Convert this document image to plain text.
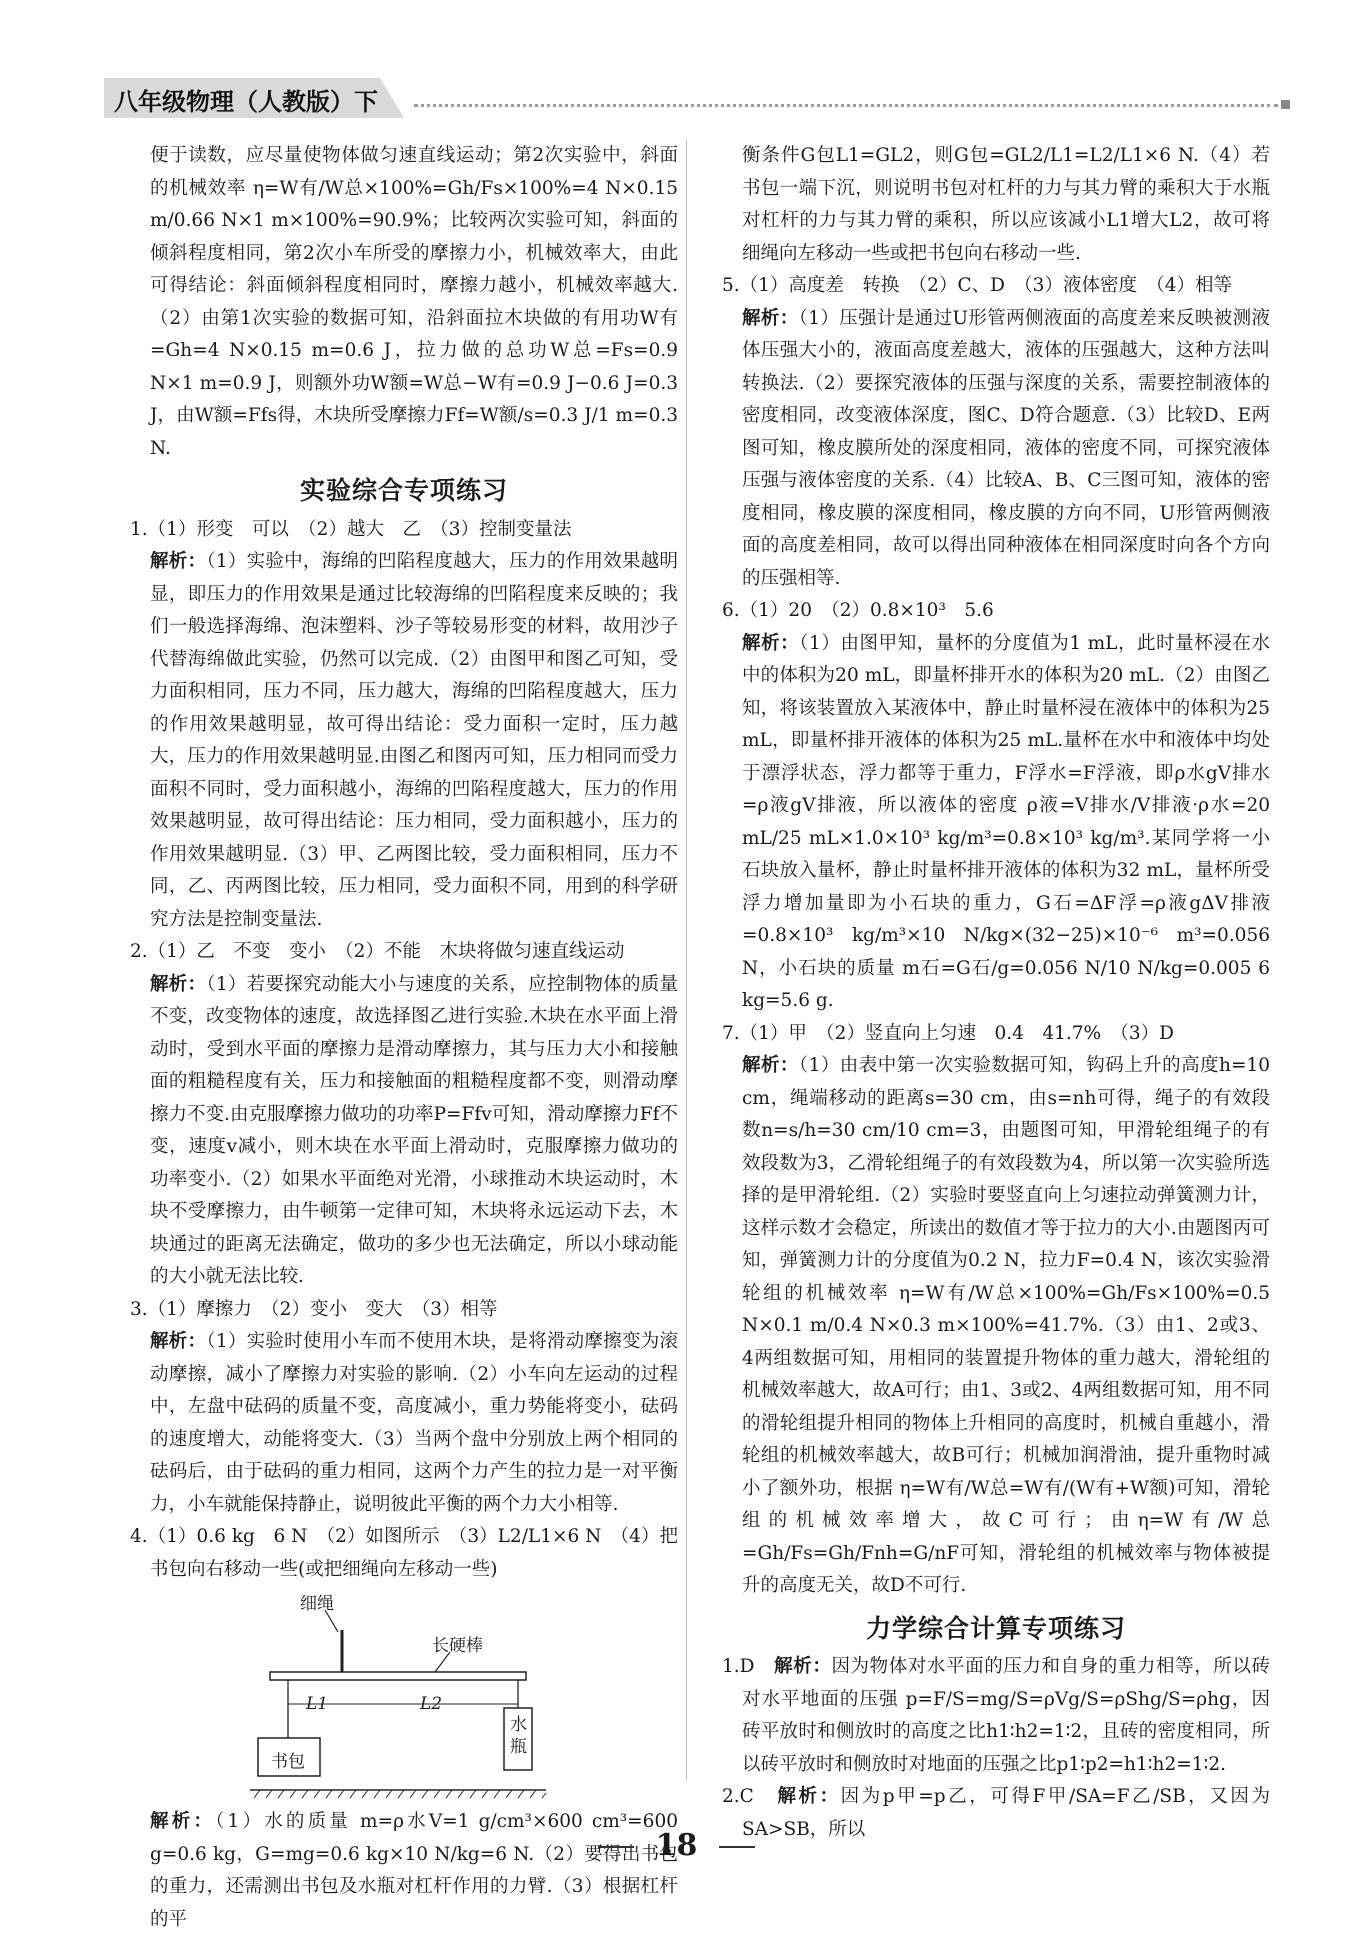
八年级物理（人教版）下

便于读数，应尽量使物体做匀速直线运动；第2次实验中，斜面的机械效率 η=W有/W总×100%=Gh/Fs×100%=4 N×0.15 m/0.66 N×1 m×100%=90.9%；比较两次实验可知，斜面的倾斜程度相同，第2次小车所受的摩擦力小，机械效率大，由此可得结论：斜面倾斜程度相同时，摩擦力越小，机械效率越大.（2）由第1次实验的数据可知，沿斜面拉木块做的有用功W有=Gh=4 N×0.15 m=0.6 J，拉力做的总功W总=Fs=0.9 N×1 m=0.9 J，则额外功W额=W总−W有=0.9 J−0.6 J=0.3 J，由W额=Ffs得，木块所受摩擦力Ff=W额/s=0.3 J/1 m=0.3 N.

实验综合专项练习

1.（1）形变　可以　（2）越大　乙　（3）控制变量法

解析：（1）实验中，海绵的凹陷程度越大，压力的作用效果越明显，即压力的作用效果是通过比较海绵的凹陷程度来反映的；我们一般选择海绵、泡沫塑料、沙子等较易形变的材料，故用沙子代替海绵做此实验，仍然可以完成.（2）由图甲和图乙可知，受力面积相同，压力不同，压力越大，海绵的凹陷程度越大，压力的作用效果越明显，故可得出结论：受力面积一定时，压力越大，压力的作用效果越明显.由图乙和图丙可知，压力相同而受力面积不同时，受力面积越小，海绵的凹陷程度越大，压力的作用效果越明显，故可得出结论：压力相同，受力面积越小，压力的作用效果越明显.（3）甲、乙两图比较，受力面积相同，压力不同，乙、丙两图比较，压力相同，受力面积不同，用到的科学研究方法是控制变量法.

2.（1）乙　不变　变小　（2）不能　木块将做匀速直线运动

解析：（1）若要探究动能大小与速度的关系，应控制物体的质量不变，改变物体的速度，故选择图乙进行实验.木块在水平面上滑动时，受到水平面的摩擦力是滑动摩擦力，其与压力大小和接触面的粗糙程度有关，压力和接触面的粗糙程度都不变，则滑动摩擦力不变.由克服摩擦力做功的功率P=Ffv可知，滑动摩擦力Ff不变，速度v减小，则木块在水平面上滑动时，克服摩擦力做功的功率变小.（2）如果水平面绝对光滑，小球推动木块运动时，木块不受摩擦力，由牛顿第一定律可知，木块将永远运动下去，木块通过的距离无法确定，做功的多少也无法确定，所以小球动能的大小就无法比较.

3.（1）摩擦力　（2）变小　变大　（3）相等

解析：（1）实验时使用小车而不使用木块，是将滑动摩擦变为滚动摩擦，减小了摩擦力对实验的影响.（2）小车向左运动的过程中，左盘中砝码的质量不变，高度减小，重力势能将变小，砝码的速度增大，动能将变大.（3）当两个盘中分别放上两个相同的砝码后，由于砝码的重力相同，这两个力产生的拉力是一对平衡力，小车就能保持静止，说明彼此平衡的两个力大小相等.

4.（1）0.6 kg　6 N　（2）如图所示　（3）L2/L1×6 N　（4）把书包向右移动一些(或把细绳向左移动一些)

细绳
长硬棒
L1	L2
书包
水瓶

解析：（1）水的质量 m=ρ水V=1 g/cm³×600 cm³=600 g=0.6 kg，G=mg=0.6 kg×10 N/kg=6 N.（2）要得出书包的重力，还需测出书包及水瓶对杠杆作用的力臂.（3）根据杠杆的平

衡条件G包L1=GL2，则G包=GL2/L1=L2/L1×6 N.（4）若书包一端下沉，则说明书包对杠杆的力与其力臂的乘积大于水瓶对杠杆的力与其力臂的乘积，所以应该减小L1增大L2，故可将细绳向左移动一些或把书包向右移动一些.

5.（1）高度差　转换　（2）C、D　（3）液体密度　（4）相等

解析：（1）压强计是通过U形管两侧液面的高度差来反映被测液体压强大小的，液面高度差越大，液体的压强越大，这种方法叫转换法.（2）要探究液体的压强与深度的关系，需要控制液体的密度相同，改变液体深度，图C、D符合题意.（3）比较D、E两图可知，橡皮膜所处的深度相同，液体的密度不同，可探究液体压强与液体密度的关系.（4）比较A、B、C三图可知，液体的密度相同，橡皮膜的深度相同，橡皮膜的方向不同，U形管两侧液面的高度差相同，故可以得出同种液体在相同深度时向各个方向的压强相等.

6.（1）20　（2）0.8×10³　5.6

解析：（1）由图甲知，量杯的分度值为1 mL，此时量杯浸在水中的体积为20 mL，即量杯排开水的体积为20 mL.（2）由图乙知，将该装置放入某液体中，静止时量杯浸在液体中的体积为25 mL，即量杯排开液体的体积为25 mL.量杯在水中和液体中均处于漂浮状态，浮力都等于重力，F浮水=F浮液，即ρ水gV排水=ρ液gV排液，所以液体的密度 ρ液=V排水/V排液·ρ水=20 mL/25 mL×1.0×10³ kg/m³=0.8×10³ kg/m³.某同学将一小石块放入量杯，静止时量杯排开液体的体积为32 mL，量杯所受浮力增加量即为小石块的重力，G石=ΔF浮=ρ液gΔV排液=0.8×10³ kg/m³×10 N/kg×(32−25)×10⁻⁶ m³=0.056 N，小石块的质量 m石=G石/g=0.056 N/10 N/kg=0.005 6 kg=5.6 g.

7.（1）甲　（2）竖直向上匀速　0.4　41.7%　（3）D

解析：（1）由表中第一次实验数据可知，钩码上升的高度h=10 cm，绳端移动的距离s=30 cm，由s=nh可得，绳子的有效段数n=s/h=30 cm/10 cm=3，由题图可知，甲滑轮组绳子的有效段数为3，乙滑轮组绳子的有效段数为4，所以第一次实验所选择的是甲滑轮组.（2）实验时要竖直向上匀速拉动弹簧测力计，这样示数才会稳定，所读出的数值才等于拉力的大小.由题图丙可知，弹簧测力计的分度值为0.2 N，拉力F=0.4 N，该次实验滑轮组的机械效率 η=W有/W总×100%=Gh/Fs×100%=0.5 N×0.1 m/0.4 N×0.3 m×100%=41.7%.（3）由1、2或3、4两组数据可知，用相同的装置提升物体的重力越大，滑轮组的机械效率越大，故A可行；由1、3或2、4两组数据可知，用不同的滑轮组提升相同的物体上升相同的高度时，机械自重越小，滑轮组的机械效率越大，故B可行；机械加润滑油，提升重物时减小了额外功，根据 η=W有/W总=W有/(W有+W额)可知，滑轮组的机械效率增大，故C可行；由η=W有/W总=Gh/Fs=Gh/Fnh=G/nF可知，滑轮组的机械效率与物体被提升的高度无关，故D不可行.

力学综合计算专项练习

1.D　解析：因为物体对水平面的压力和自身的重力相等，所以砖对水平地面的压强 p=F/S=mg/S=ρVg/S=ρShg/S=ρhg，因砖平放时和侧放时的高度之比h1∶h2=1∶2，且砖的密度相同，所以砖平放时和侧放时对地面的压强之比p1∶p2=h1∶h2=1∶2.

2.C　解析：因为p甲=p乙，可得F甲/SA=F乙/SB，又因为SA>SB，所以

18
